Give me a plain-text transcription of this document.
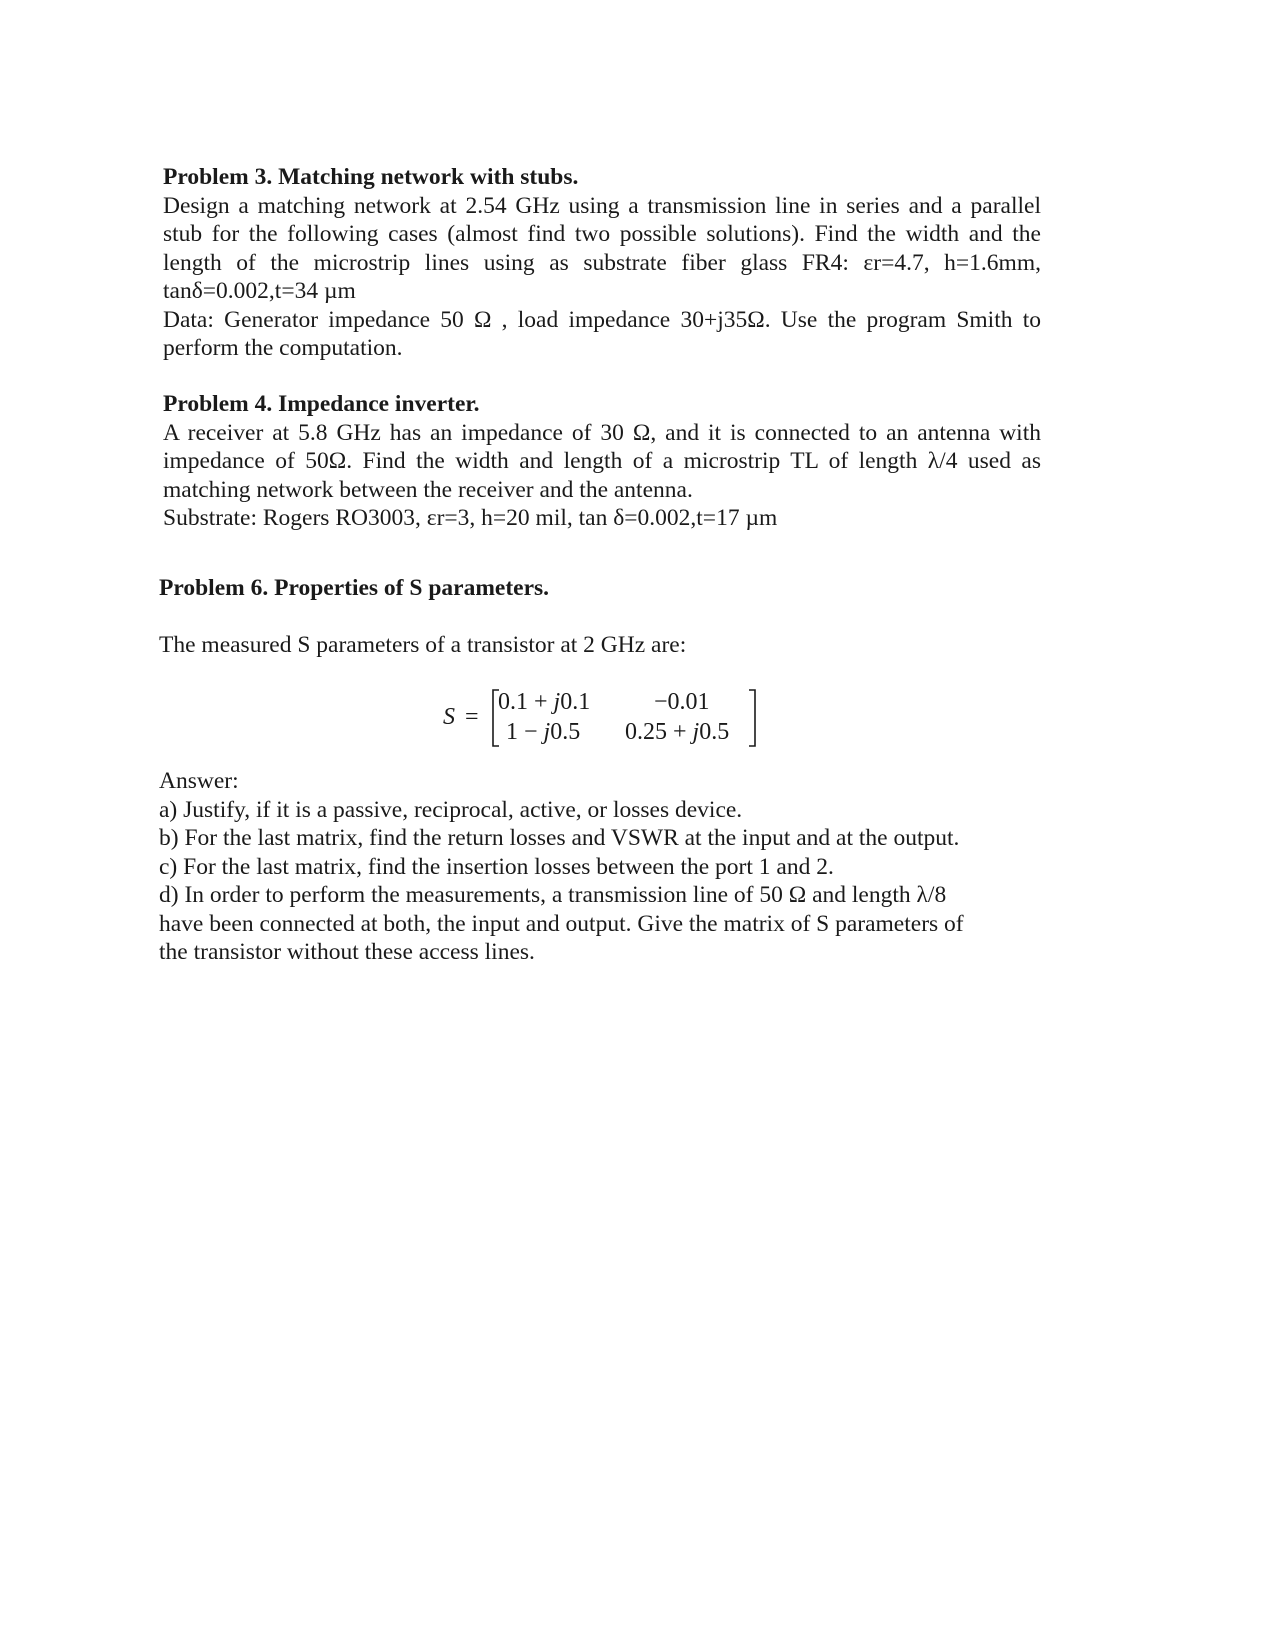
Problem 3. Matching network with stubs.
Design a matching network at 2.54 GHz using a transmission line in series and a parallel
stub for the following cases (almost find two possible solutions). Find the width and the
length of the microstrip lines using as substrate fiber glass FR4: εr=4.7, h=1.6mm,
tanδ=0.002,t=34 µm
Data: Generator impedance 50 Ω , load impedance 30+j35Ω. Use the program Smith to
perform the computation.
Problem 4. Impedance inverter.
A receiver at 5.8 GHz has an impedance of 30 Ω, and it is connected to an antenna with
impedance of 50Ω. Find the width and length of a microstrip TL of length λ/4 used as
matching network between the receiver and the antenna.
Substrate: Rogers RO3003, εr=3, h=20 mil, tan δ=0.002,t=17 µm
Problem 6. Properties of S parameters.
The measured S parameters of a transistor at 2 GHz are:
S =
0.1 + j0.1	−0.01
1 − j0.5 0.25 + j0.5
Answer:
a) Justify, if it is a passive, reciprocal, active, or losses device.
b) For the last matrix, find the return losses and VSWR at the input and at the output.
c) For the last matrix, find the insertion losses between the port 1 and 2.
d) In order to perform the measurements, a transmission line of 50 Ω and length λ/8
have been connected at both, the input and output. Give the matrix of S parameters of
the transistor without these access lines.
